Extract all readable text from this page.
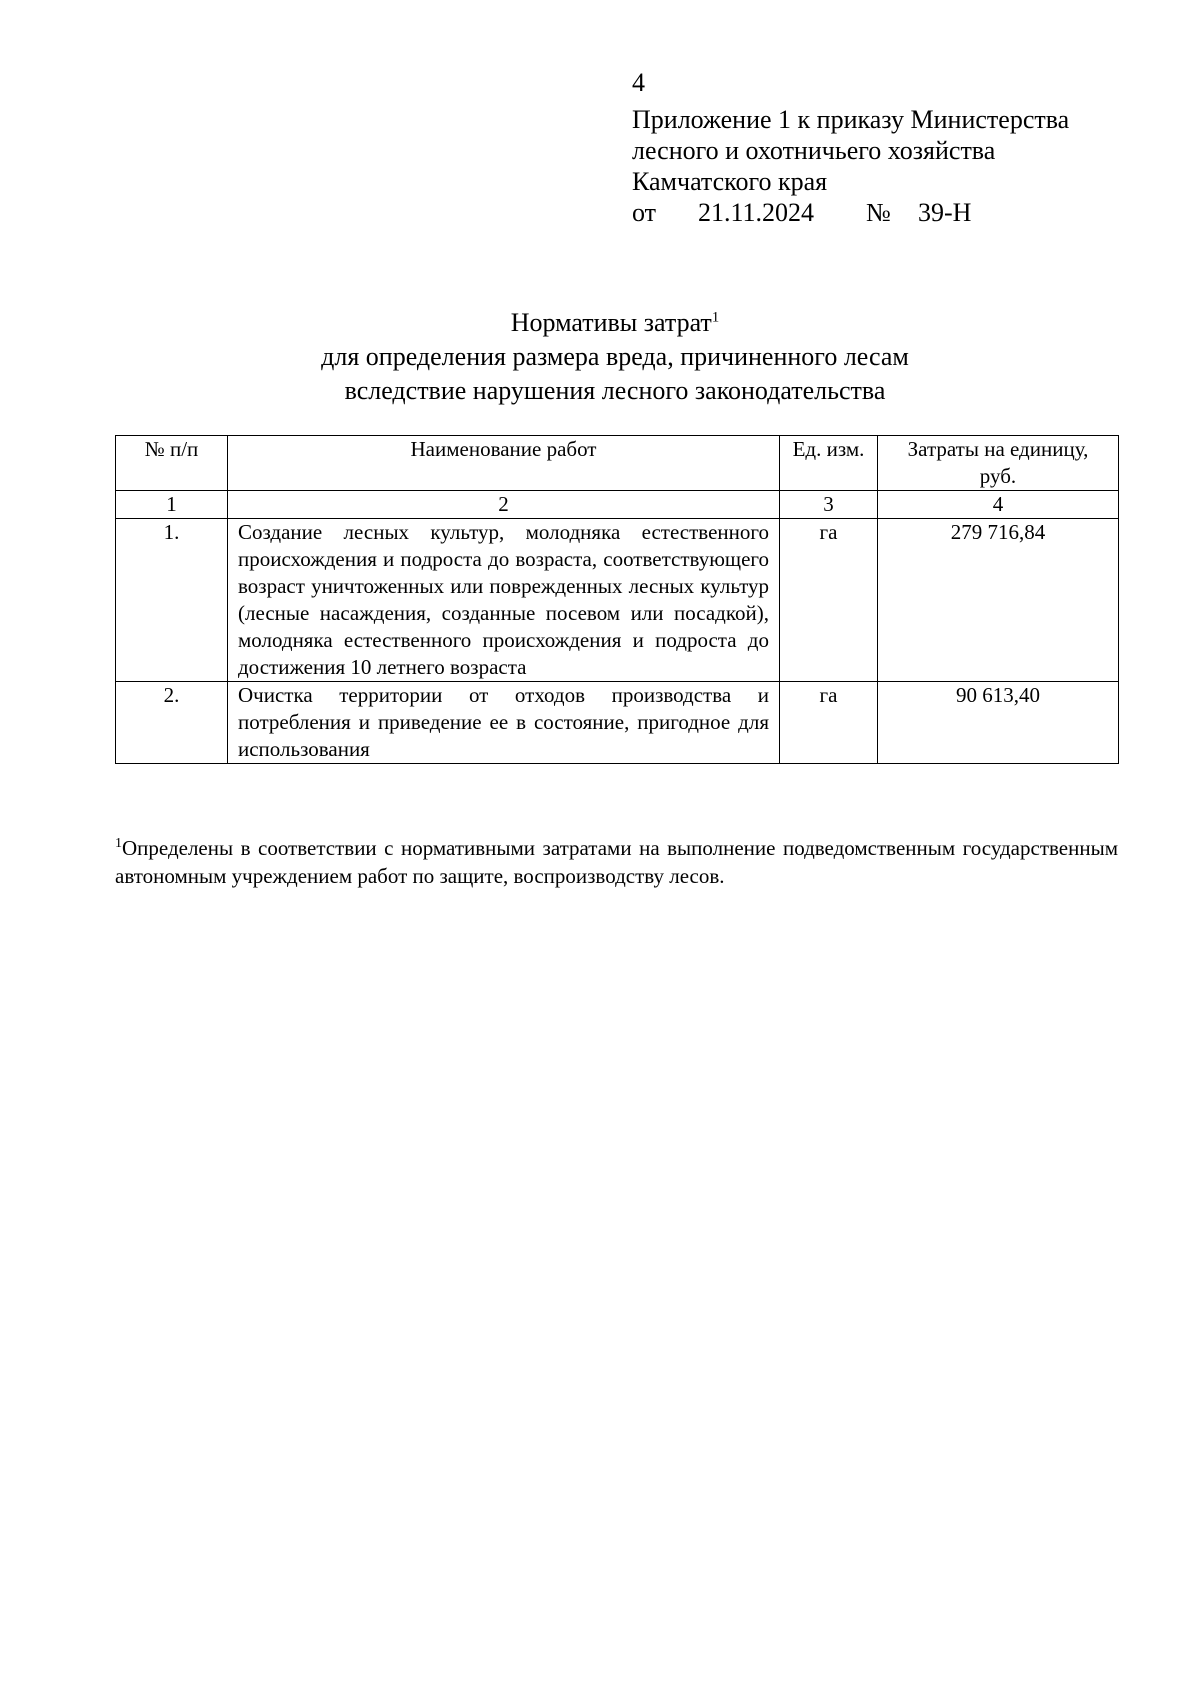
4
Приложение 1 к приказу Министерства
лесного и охотничьего хозяйства
Камчатского края
от 21.11.2024 № 39-Н
Нормативы затрат$^1$
для определения размера вреда, причиненного лесам
вследствие нарушения лесного законодательства
№ п/п	Наименование работ	Ед. изм.	Затраты на единицу, руб.
1	2	3	4
1.	Создание лесных культур, молодняка естественного происхождения и подроста до возраста, соответствующего возраст уничтоженных или поврежденных лесных культур (лесные насаждения, созданные посевом или посадкой), молодняка естественного происхождения и подроста до достижения 10 летнего возраста	га	279 716,84
2.	Очистка территории от отходов производства и потребления и приведение ее в состояние, пригодное для использования	га	90 613,40
$^1$Определены в соответствии с нормативными затратами на выполнение подведомственным государственным автономным учреждением работ по защите, воспроизводству лесов.
